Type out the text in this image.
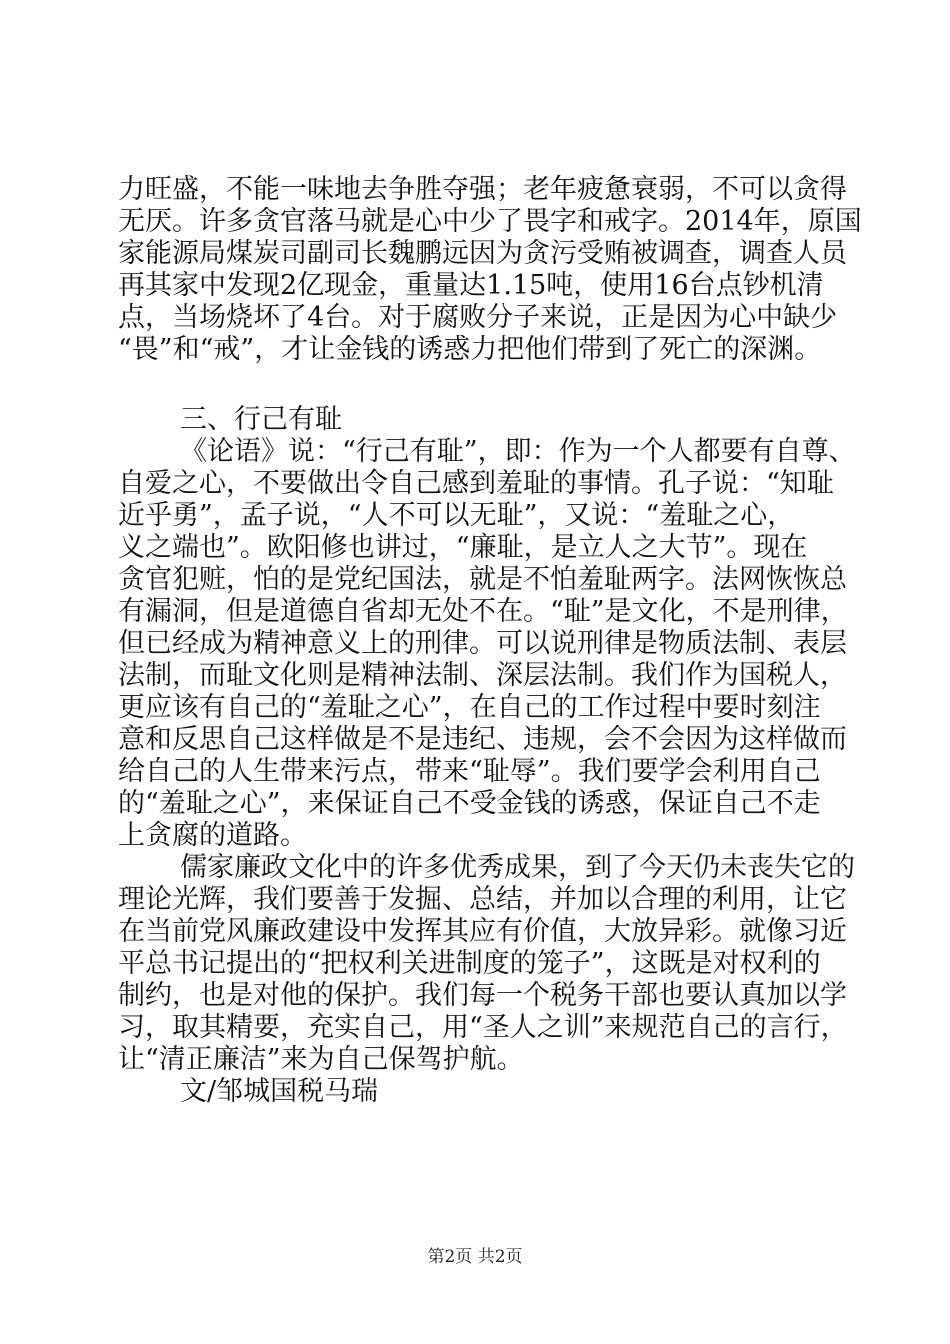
力旺盛，不能一味地去争胜夺强；老年疲惫衰弱，不可以贪得
无厌。许多贪官落马就是心中少了畏字和戒字。2014年，原国
家能源局煤炭司副司长魏鹏远因为贪污受贿被调查，调查人员
再其家中发现2亿现金，重量达1.15吨，使用16台点钞机清
点，当场烧坏了4台。对于腐败分子来说，正是因为心中缺少
“畏”和“戒”，才让金钱的诱惑力把他们带到了死亡的深渊。
三、行己有耻
《论语》说：“行己有耻”，即：作为一个人都要有自尊、
自爱之心，不要做出令自己感到羞耻的事情。孔子说：“知耻
近乎勇”，孟子说，“人不可以无耻”，又说：“羞耻之心，
义之端也”。欧阳修也讲过，“廉耻，是立人之大节”。现在
贪官犯赃，怕的是党纪国法，就是不怕羞耻两字。法网恢恢总
有漏洞，但是道德自省却无处不在。“耻”是文化，不是刑律，
但已经成为精神意义上的刑律。可以说刑律是物质法制、表层
法制，而耻文化则是精神法制、深层法制。我们作为国税人，
更应该有自己的“羞耻之心”，在自己的工作过程中要时刻注
意和反思自己这样做是不是违纪、违规，会不会因为这样做而
给自己的人生带来污点，带来“耻辱”。我们要学会利用自己
的“羞耻之心”，来保证自己不受金钱的诱惑，保证自己不走
上贪腐的道路。
儒家廉政文化中的许多优秀成果，到了今天仍未丧失它的
理论光辉，我们要善于发掘、总结，并加以合理的利用，让它
在当前党风廉政建设中发挥其应有价值，大放异彩。就像习近
平总书记提出的“把权利关进制度的笼子”，这既是对权利的
制约，也是对他的保护。我们每一个税务干部也要认真加以学
习，取其精要，充实自己，用“圣人之训”来规范自己的言行，
让“清正廉洁”来为自己保驾护航。
文/邹城国税马瑞
第2页 共2页
